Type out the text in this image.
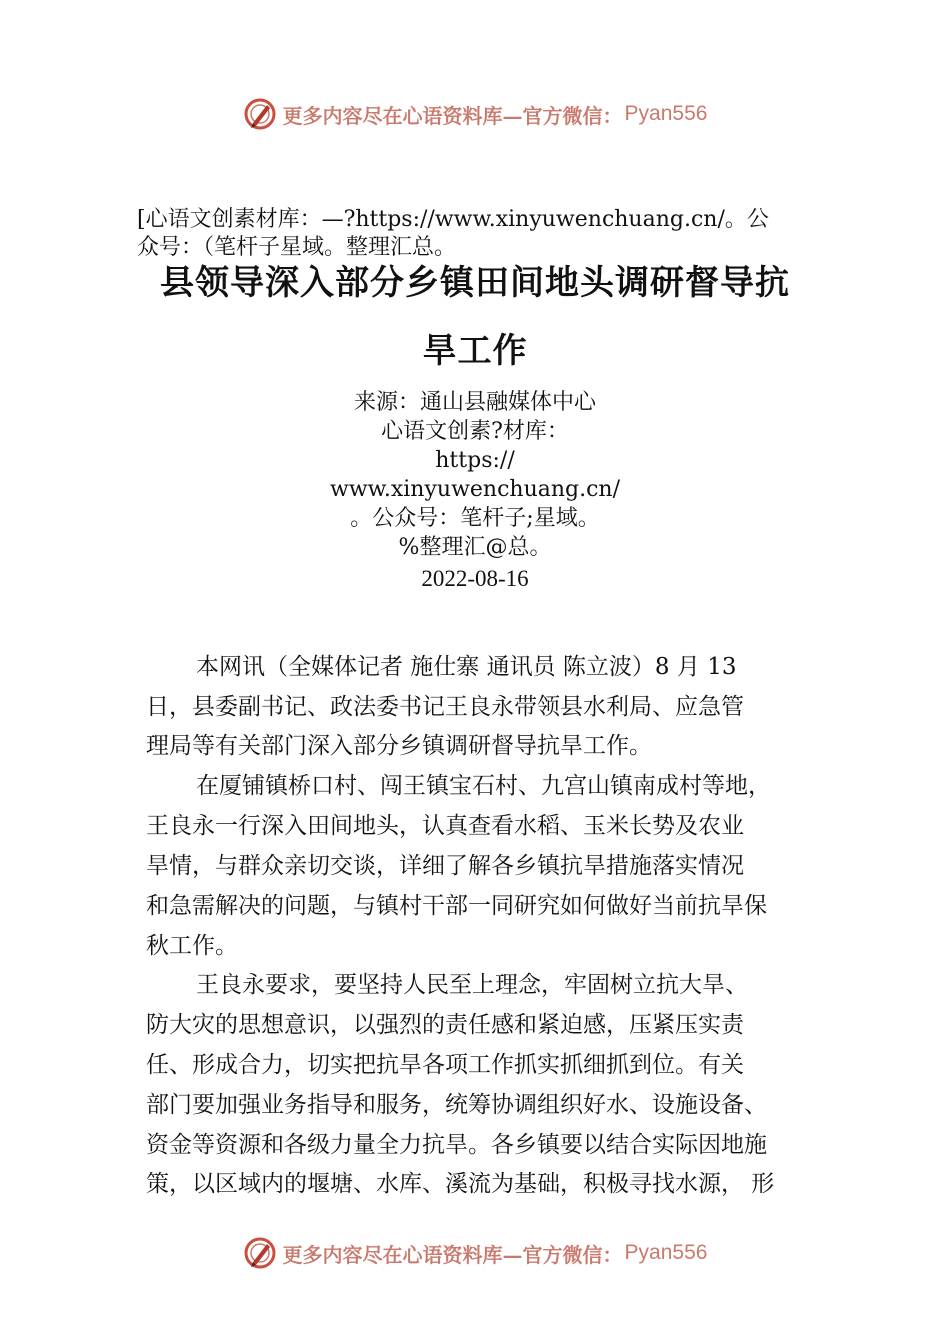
更多内容尽在心语资料库—官方微信： Pyan556
[心语文创素材库：—?https://www.xinyuwenchuang.cn/。公
众号：（笔杆子星域。整理汇总。
县领导深入部分乡镇田间地头调研督导抗
旱工作
来源：通山县融媒体中心
心语文创素?材库：
https://
www.xinyuwenchuang.cn/
。公众号：笔杆子;星域。
%整理汇@总。
2022-08-16
本网讯（全媒体记者 施仕寨 通讯员 陈立波）8 月 13
日，县委副书记、政法委书记王良永带领县水利局、应急管
理局等有关部门深入部分乡镇调研督导抗旱工作。
在厦铺镇桥口村、闯王镇宝石村、九宫山镇南成村等地，
王良永一行深入田间地头，认真查看水稻、玉米长势及农业
旱情，与群众亲切交谈，详细了解各乡镇抗旱措施落实情况
和急需解决的问题，与镇村干部一同研究如何做好当前抗旱保
秋工作。
王良永要求，要坚持人民至上理念，牢固树立抗大旱、
防大灾的思想意识，以强烈的责任感和紧迫感，压紧压实责
任、形成合力，切实把抗旱各项工作抓实抓细抓到位。有关
部门要加强业务指导和服务，统筹协调组织好水、设施设备、
资金等资源和各级力量全力抗旱。各乡镇要以结合实际因地施
策，以区域内的堰塘、水库、溪流为基础，积极寻找水源， 形
更多内容尽在心语资料库—官方微信： Pyan556
